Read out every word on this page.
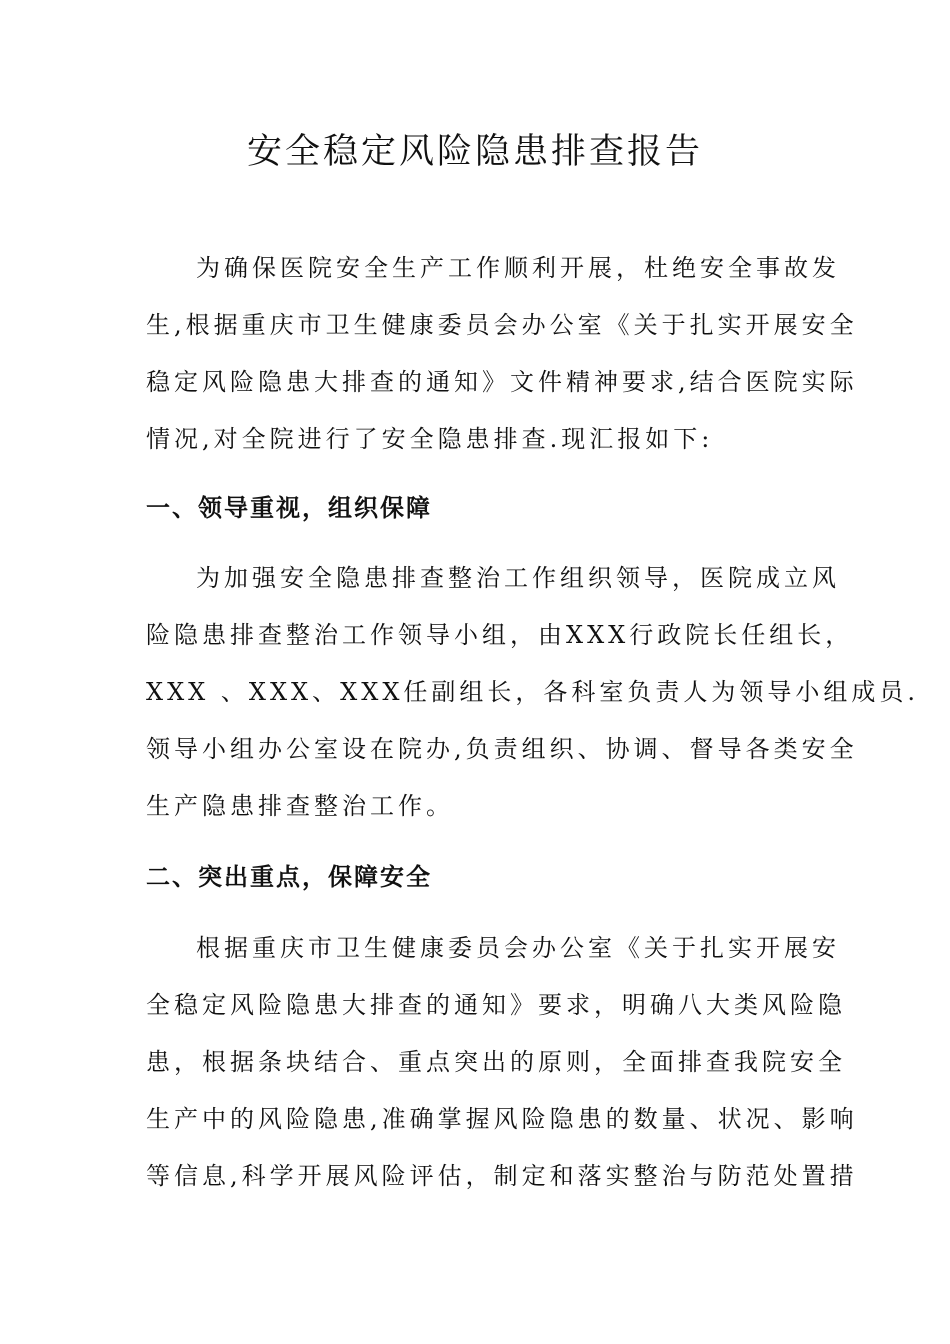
安全稳定风险隐患排查报告
为确保医院安全生产工作顺利开展，杜绝安全事故发
生,根据重庆市卫生健康委员会办公室《关于扎实开展安全
稳定风险隐患大排查的通知》文件精神要求,结合医院实际
情况,对全院进行了安全隐患排查.现汇报如下:
一、领导重视，组织保障
为加强安全隐患排查整治工作组织领导，医院成立风
险隐患排查整治工作领导小组，由XXX行政院长任组长，
XXX 、XXX、XXX任副组长，各科室负责人为领导小组成员.
领导小组办公室设在院办,负责组织、协调、督导各类安全
生产隐患排查整治工作。
二、突出重点，保障安全
根据重庆市卫生健康委员会办公室《关于扎实开展安
全稳定风险隐患大排查的通知》要求，明确八大类风险隐
患，根据条块结合、重点突出的原则，全面排查我院安全
生产中的风险隐患,准确掌握风险隐患的数量、状况、影响
等信息,科学开展风险评估，制定和落实整治与防范处置措
